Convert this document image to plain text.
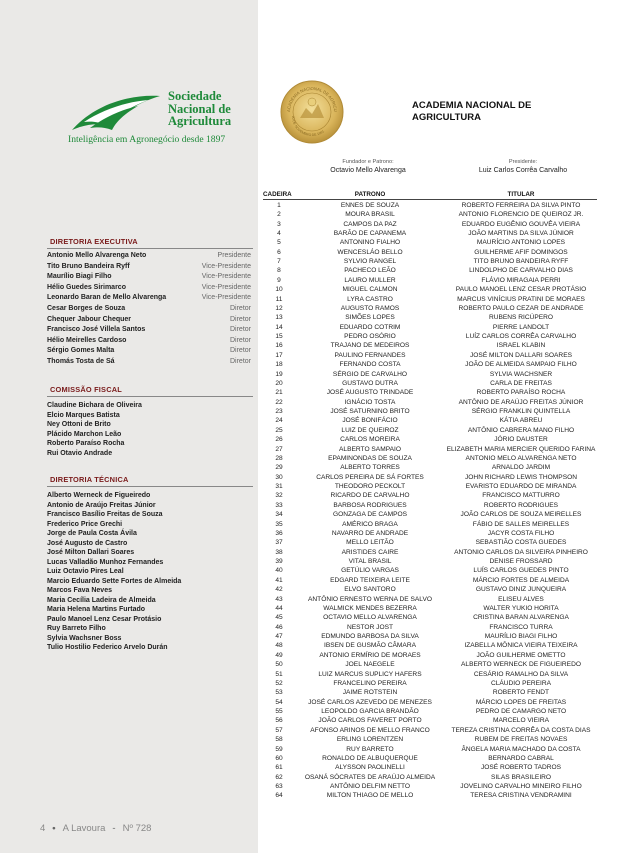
Sociedade
Nacional de
Agricultura
Inteligência em Agronegócio desde 1897
DIRETORIA EXECUTIVA
Antonio Mello Alvarenga Neto	Presidente
Tito Bruno Bandeira Ryff	Vice-Presidente
Maurílio Biagi Filho	Vice-Presidente
Hélio Guedes Sirimarco	Vice-Presidente
Leonardo Baran de Mello Alvarenga	Vice-Presidente
Cesar Borges de Souza	Diretor
Chequer Jabour Chequer	Diretor
Francisco José Villela Santos	Diretor
Hélio Meirelles Cardoso	Diretor
Sérgio Gomes Malta	Diretor
Thomás Tosta de Sá	Diretor
COMISSÃO FISCAL
Claudine Bichara de Oliveira
Elcio Marques Batista
Ney Ottoni de Brito
Plácido Marchon Leão
Roberto Paraíso Rocha
Rui Otavio Andrade
DIRETORIA TÉCNICA
Alberto Werneck de Figueiredo
Antonio de Araújo Freitas Júnior
Francisco Basílio Freitas de Souza
Frederico Price Grechi
Jorge de Paula Costa Ávila
José Augusto de Castro
José Milton Dallari Soares
Lucas Valladão Munhoz Fernandes
Luiz Octavio Pires Leal
Marcio Eduardo Sette Fortes de Almeida
Marcos Fava Neves
Maria Cecília Ladeira de Almeida
Maria Helena Martins Furtado
Paulo Manoel Lenz Cesar Protásio
Ruy Barreto Filho
Sylvia Wachsner Boss
Tulio Hostilio Federico Arvelo Durán
4 • A Lavoura - Nº 728
ACADEMIA NACIONAL DE AGRICU
20 DE NOVEMBRO DE 1991
ACADEMIA NACIONAL DE
AGRICULTURA
Fundador e Patrono:
Octavio Mello Alvarenga
Presidente:
Luiz Carlos Corrêa Carvalho
CADEIRA	PATRONO	TITULAR
1	ENNES DE SOUZA	ROBERTO FERREIRA DA SILVA PINTO
2	MOURA BRASIL	ANTONIO FLORENCIO DE QUEIROZ JR.
3	CAMPOS DA PAZ	EDUARDO EUGÊNIO GOUVÊA VIEIRA
4	BARÃO DE CAPANEMA	JOÃO MARTINS DA SILVA JÚNIOR
5	ANTONINO FIALHO	MAURÍCIO ANTONIO LOPES
6	WENCESLÁO BELLO	GUILHERME AFIF DOMINGOS
7	SYLVIO RANGEL	TITO BRUNO BANDEIRA RYFF
8	PACHECO LEÃO	LINDOLPHO DE CARVALHO DIAS
9	LAURO MULLER	FLÁVIO MIRAGAIA PERRI
10	MIGUEL CALMON	PAULO MANOEL LENZ CESAR PROTÁSIO
11	LYRA CASTRO	MARCUS VINÍCIUS PRATINI DE MORAES
12	AUGUSTO RAMOS	ROBERTO PAULO CEZAR DE ANDRADE
13	SIMÕES LOPES	RUBENS RICÚPERO
14	EDUARDO COTRIM	PIERRE LANDOLT
15	PEDRO OSÓRIO	LUÍZ CARLOS CORRÊA CARVALHO
16	TRAJANO DE MEDEIROS	ISRAEL KLABIN
17	PAULINO FERNANDES	JOSÉ MILTON DALLARI SOARES
18	FERNANDO COSTA	JOÃO DE ALMEIDA SAMPAIO FILHO
19	SÉRGIO DE CARVALHO	SYLVIA WACHSNER
20	GUSTAVO DUTRA	CARLA DE FREITAS
21	JOSÉ AUGUSTO TRINDADE	ROBERTO PARAÍSO ROCHA
22	IGNÁCIO TOSTA	ANTÔNIO DE ARAÚJO FREITAS JÚNIOR
23	JOSÉ SATURNINO BRITO	SÉRGIO FRANKLIN QUINTELLA
24	JOSÉ BONIFÁCIO	KÁTIA ABREU
25	LUIZ DE QUEIROZ	ANTÔNIO CABRERA MANO FILHO
26	CARLOS MOREIRA	JÓRIO DAUSTER
27	ALBERTO SAMPAIO	ELIZABETH MARIA MERCIER QUERIDO FARINA
28	EPAMINONDAS DE SOUZA	ANTONIO MELO ALVARENGA NETO
29	ALBERTO TORRES	ARNALDO JARDIM
30	CARLOS PEREIRA DE SÁ FORTES	JOHN RICHARD LEWIS THOMPSON
31	THEODORO PECKOLT	EVARISTO EDUARDO DE MIRANDA
32	RICARDO DE CARVALHO	FRANCISCO MATTURRO
33	BARBOSA RODRIGUES	ROBERTO RODRIGUES
34	GONZAGA DE CAMPOS	JOÃO CARLOS DE SOUZA MEIRELLES
35	AMÉRICO BRAGA	FÁBIO DE SALLES MEIRELLES
36	NAVARRO DE ANDRADE	JACYR COSTA FILHO
37	MELLO LEITÃO	SEBASTIÃO COSTA GUEDES
38	ARISTIDES CAIRE	ANTONIO CARLOS DA SILVEIRA PINHEIRO
39	VITAL BRASIL	DENISE FROSSARD
40	GETÚLIO VARGAS	LUÍS CARLOS GUEDES PINTO
41	EDGARD TEIXEIRA LEITE	MÁRCIO FORTES DE ALMEIDA
42	ELVO SANTORO	GUSTAVO DINIZ JUNQUEIRA
43	ANTÔNIO ERNESTO WERNA DE SALVO	ELISEU ALVES
44	WALMICK MENDES BEZERRA	WALTER YUKIO HORITA
45	OCTAVIO MELLO ALVARENGA	CRISTINA BARAN ALVARENGA
46	NESTOR JOST	FRANCISCO TURRA
47	EDMUNDO BARBOSA DA SILVA	MAURÍLIO BIAGI FILHO
48	IBSEN DE GUSMÃO CÂMARA	IZABELLA MÔNICA VIEIRA TEIXEIRA
49	ANTONIO ERMÍRIO DE MORAES	JOÃO GUILHERME OMETTO
50	JOEL NAEGELE	ALBERTO WERNECK DE FIGUEIREDO
51	LUIZ MARCUS SUPLICY HAFERS	CESÁRIO RAMALHO DA SILVA
52	FRANCELINO PEREIRA	CLÁUDIO PEREIRA
53	JAIME ROTSTEIN	ROBERTO FENDT
54	JOSÉ CARLOS AZEVEDO DE MENEZES	MÁRCIO LOPES DE FREITAS
55	LEOPOLDO GARCIA BRANDÃO	PEDRO DE CAMARGO NETO
56	JOÃO CARLOS FAVERET PORTO	MARCELO VIEIRA
57	AFONSO ARINOS DE MELLO FRANCO	TEREZA CRISTINA CORRÊA DA COSTA DIAS
58	ERLING LORENTZEN	RUBEM DE FREITAS NOVAES
59	RUY BARRETO	ÂNGELA MARIA MACHADO DA COSTA
60	RONALDO DE ALBUQUERQUE	BERNARDO CABRAL
61	ALYSSON PAOLINELLI	JOSÉ ROBERTO TADROS
62	OSANÁ SÓCRATES DE ARAÚJO ALMEIDA	SILAS BRASILEIRO
63	ANTÔNIO DELFIM NETTO	JOVELINO CARVALHO MINEIRO FILHO
64	MILTON THIAGO DE MELLO	TERESA CRISTINA VENDRAMINI
